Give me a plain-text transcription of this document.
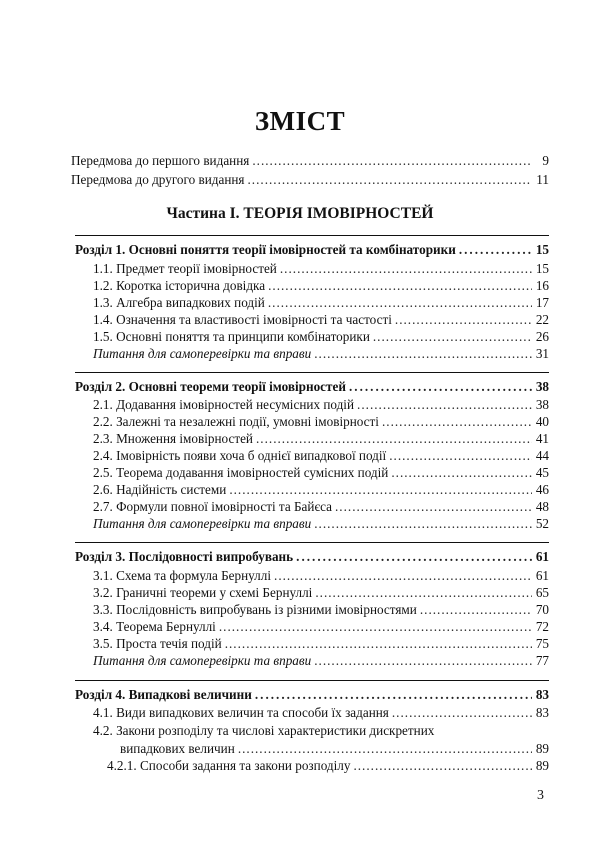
ЗМІСТ
Передмова до першого видання .....	9
Передмова до другого видання .....	11
Частина I. ТЕОРІЯ ІМОВІРНОСТЕЙ
Розділ 1. Основні поняття теорії імовірностей та комбінаторики .....	15
1.1. Предмет теорії імовірностей .....	15
1.2. Коротка історична довідка .....	16
1.3. Алгебра випадкових подій .....	17
1.4. Означення та властивості імовірності та частості .....	22
1.5. Основні поняття та принципи комбінаторики .....	26
Питання для самоперевірки та вправи .....	31
Розділ 2. Основні теореми теорії імовірностей .....	38
2.1. Додавання імовірностей несумісних подій .....	38
2.2. Залежні та незалежні події, умовні імовірності .....	40
2.3. Множення імовірностей .....	41
2.4. Імовірність появи хоча б однієї випадкової події .....	44
2.5. Теорема додавання імовірностей сумісних подій .....	45
2.6. Надійність системи .....	46
2.7. Формули повної імовірності та Байєса .....	48
Питання для самоперевірки та вправи .....	52
Розділ 3. Послідовності випробувань .....	61
3.1. Схема та формула Бернуллі .....	61
3.2. Граничні теореми у схемі Бернуллі .....	65
3.3. Послідовність випробувань із різними імовірностями .....	70
3.4. Теорема Бернуллі .....	72
3.5. Проста течія подій .....	75
Питання для самоперевірки та вправи .....	77
Розділ 4. Випадкові величини .....	83
4.1. Види випадкових величин та способи їх задання .....	83
4.2. Закони розподілу та числові характеристики дискретних
випадкових величин .....	89
4.2.1. Способи задання та закони розподілу .....	89
3
